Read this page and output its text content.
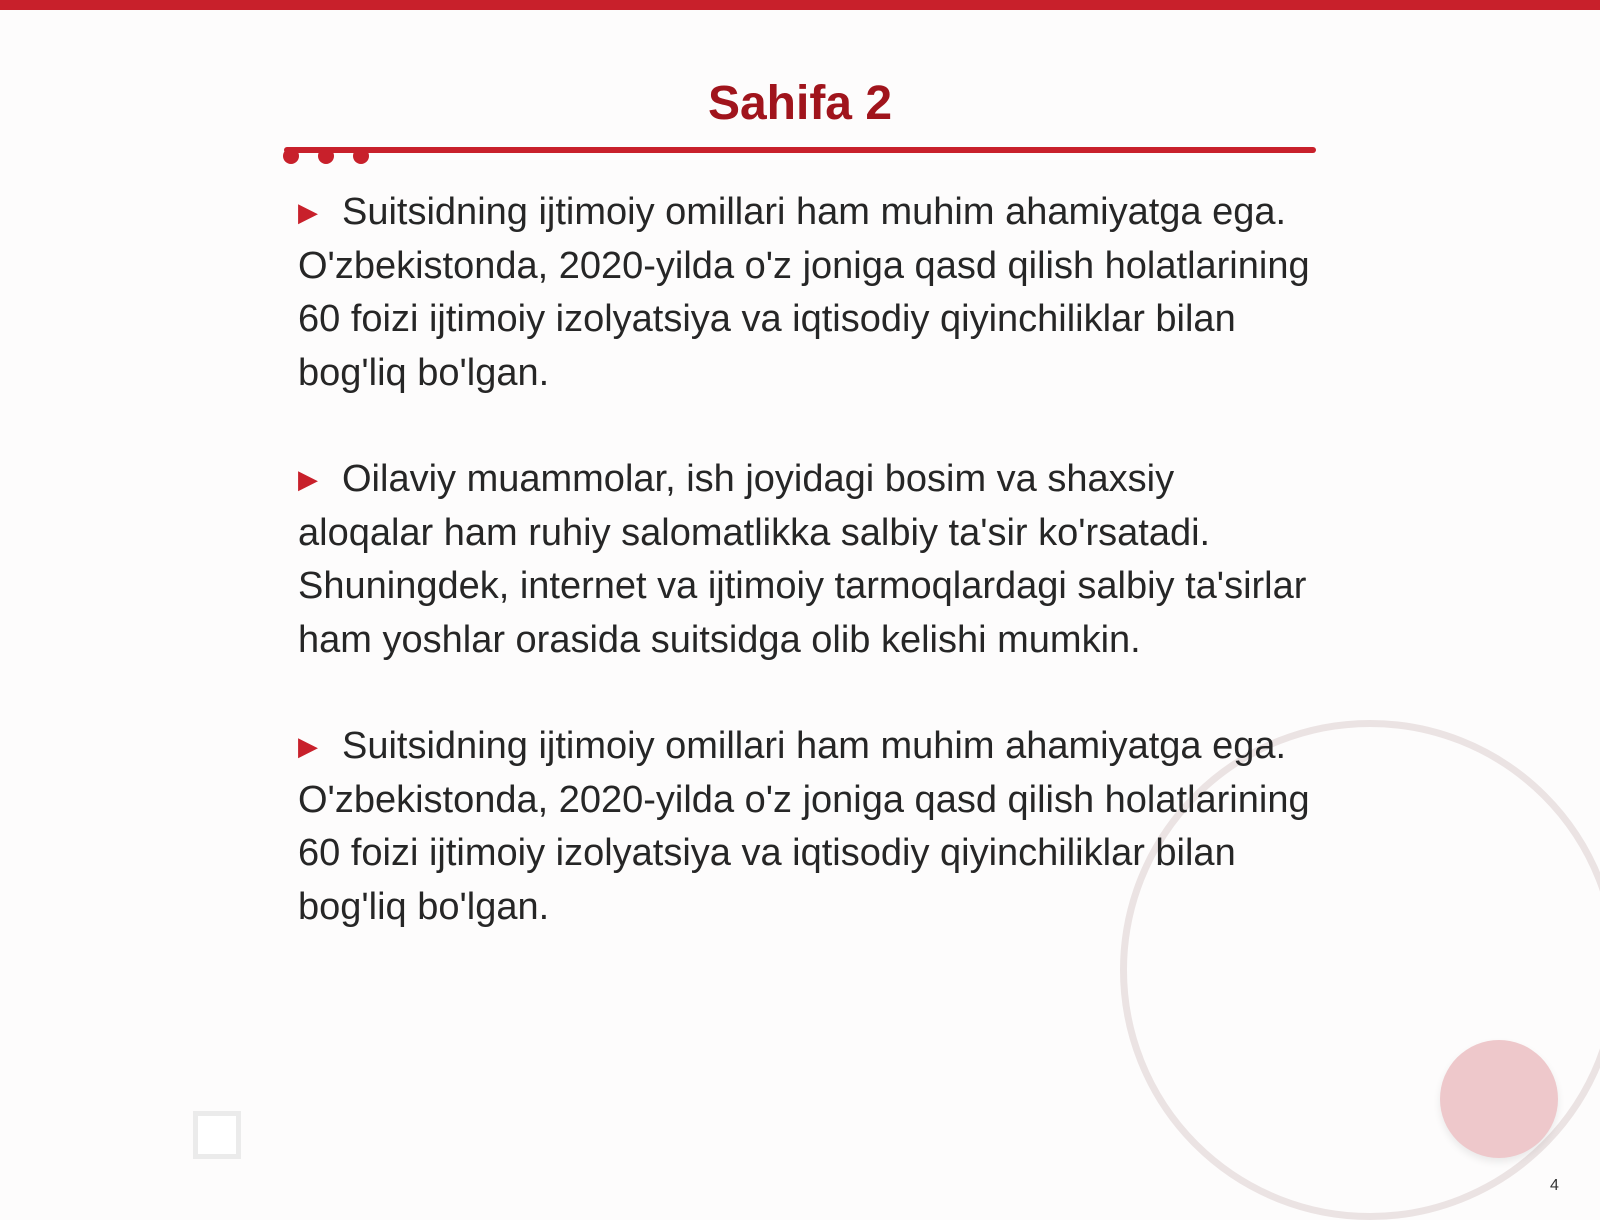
Sahifa 2

▶ Suitsidning ijtimoiy omillari ham muhim ahamiyatga ega. O'zbekistonda, 2020-yilda o'z joniga qasd qilish holatlarining 60 foizi ijtimoiy izolyatsiya va iqtisodiy qiyinchiliklar bilan bog'liq bo'lgan.

▶ Oilaviy muammolar, ish joyidagi bosim va shaxsiy aloqalar ham ruhiy salomatlikka salbiy ta'sir ko'rsatadi. Shuningdek, internet va ijtimoiy tarmoqlardagi salbiy ta'sirlar ham yoshlar orasida suitsidga olib kelishi mumkin.

▶ Suitsidning ijtimoiy omillari ham muhim ahamiyatga ega. O'zbekistonda, 2020-yilda o'z joniga qasd qilish holatlarining 60 foizi ijtimoiy izolyatsiya va iqtisodiy qiyinchiliklar bilan bog'liq bo'lgan.

4
